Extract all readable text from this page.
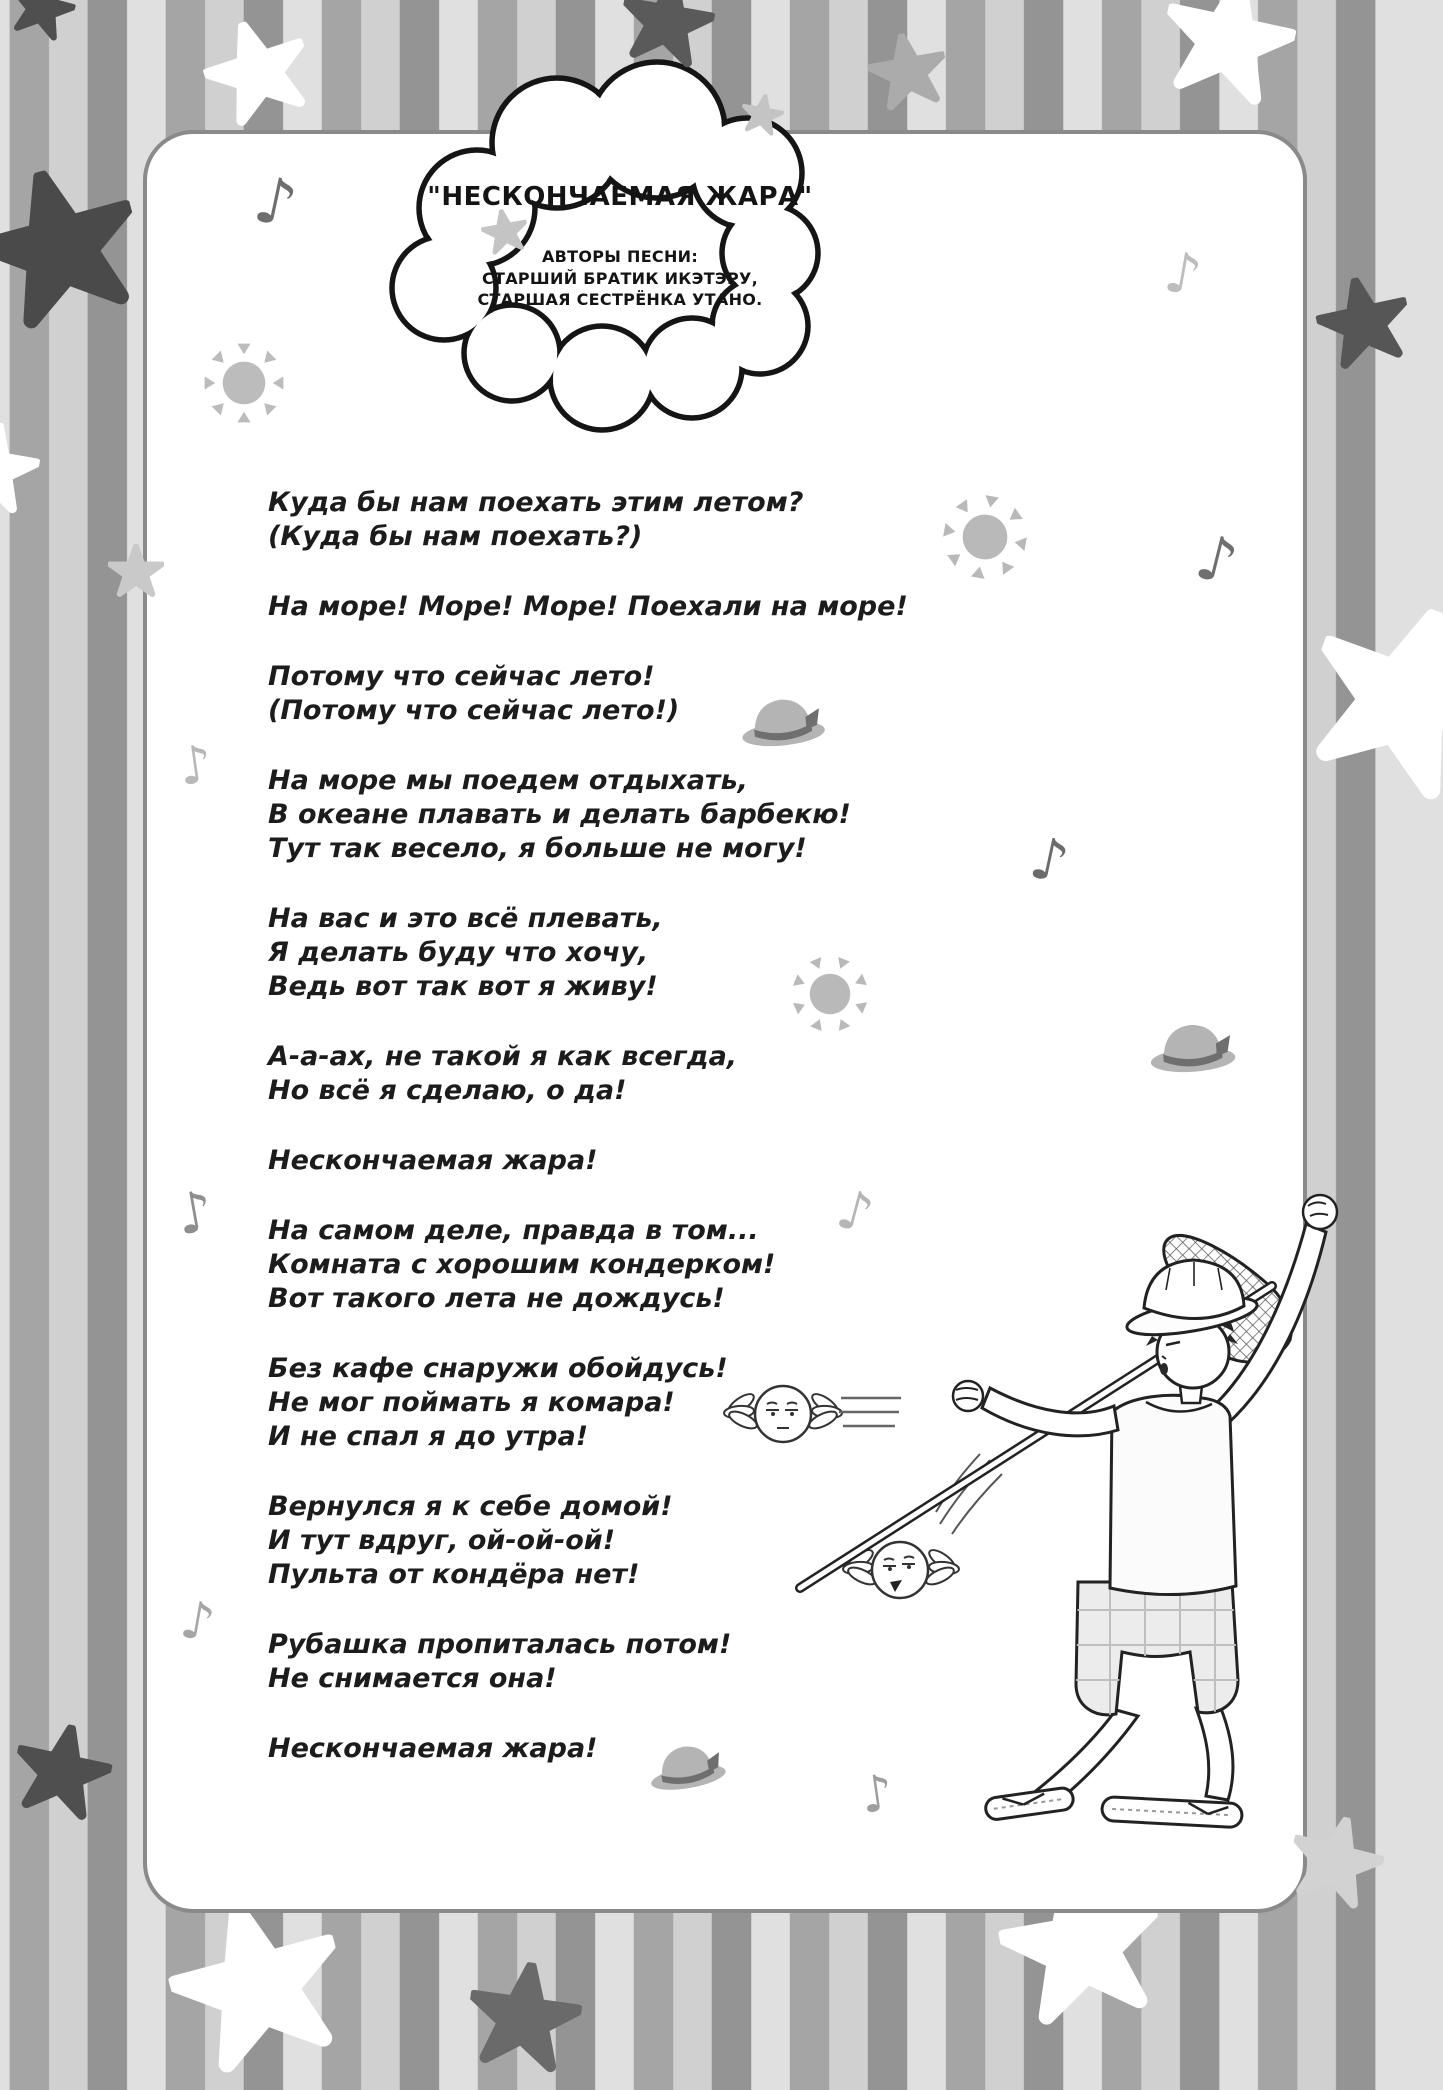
"НЕСКОНЧАЕМАЯ ЖАРА"
АВТОРЫ ПЕСНИ:
СТАРШИЙ БРАТИК ИКЭТЭРУ,
СТАРШАЯ СЕСТРЁНКА УТАНО.

Куда бы нам поехать этим летом?
(Куда бы нам поехать?)

На море! Море! Море! Поехали на море!

Потому что сейчас лето!
(Потому что сейчас лето!)

На море мы поедем отдыхать,
В океане плавать и делать барбекю!
Тут так весело, я больше не могу!

На вас и это всё плевать,
Я делать буду что хочу,
Ведь вот так вот я живу!

А-а-ах, не такой я как всегда,
Но всё я сделаю, о да!

Нескончаемая жара!

На самом деле, правда в том...
Комната с хорошим кондерком!
Вот такого лета не дождусь!

Без кафе снаружи обойдусь!
Не мог поймать я комара!
И не спал я до утра!

Вернулся я к себе домой!
И тут вдруг, ой-ой-ой!
Пульта от кондёра нет!

Рубашка пропиталась потом!
Не снимается она!

Нескончаемая жара!

♪
♪
♪
♪
♪
♪	♪
♪
♪
